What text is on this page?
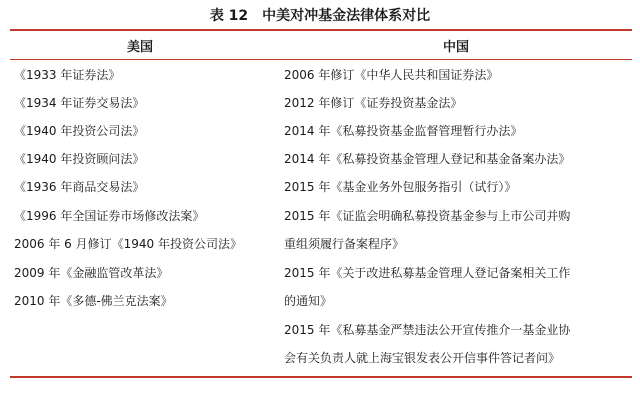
表 12　中美对冲基金法律体系对比
美国	中国
《1933 年证券法》
《1934 年证券交易法》
《1940 年投资公司法》
《1940 年投资顾问法》
《1936 年商品交易法》
《1996 年全国证券市场修改法案》
2006 年 6 月修订《1940 年投资公司法》
2009 年《金融监管改革法》
2010 年《多德-佛兰克法案》
2006 年修订《中华人民共和国证券法》
2012 年修订《证券投资基金法》
2014 年《私募投资基金监督管理暂行办法》
2014 年《私募投资基金管理人登记和基金备案办法》
2015 年《基金业务外包服务指引（试行）》
2015 年《证监会明确私募投资基金参与上市公司并购
重组须履行备案程序》
2015 年《关于改进私募基金管理人登记备案相关工作
的通知》
2015 年《私募基金严禁违法公开宣传推介一基金业协
会有关负责人就上海宝银发表公开信事件答记者问》
